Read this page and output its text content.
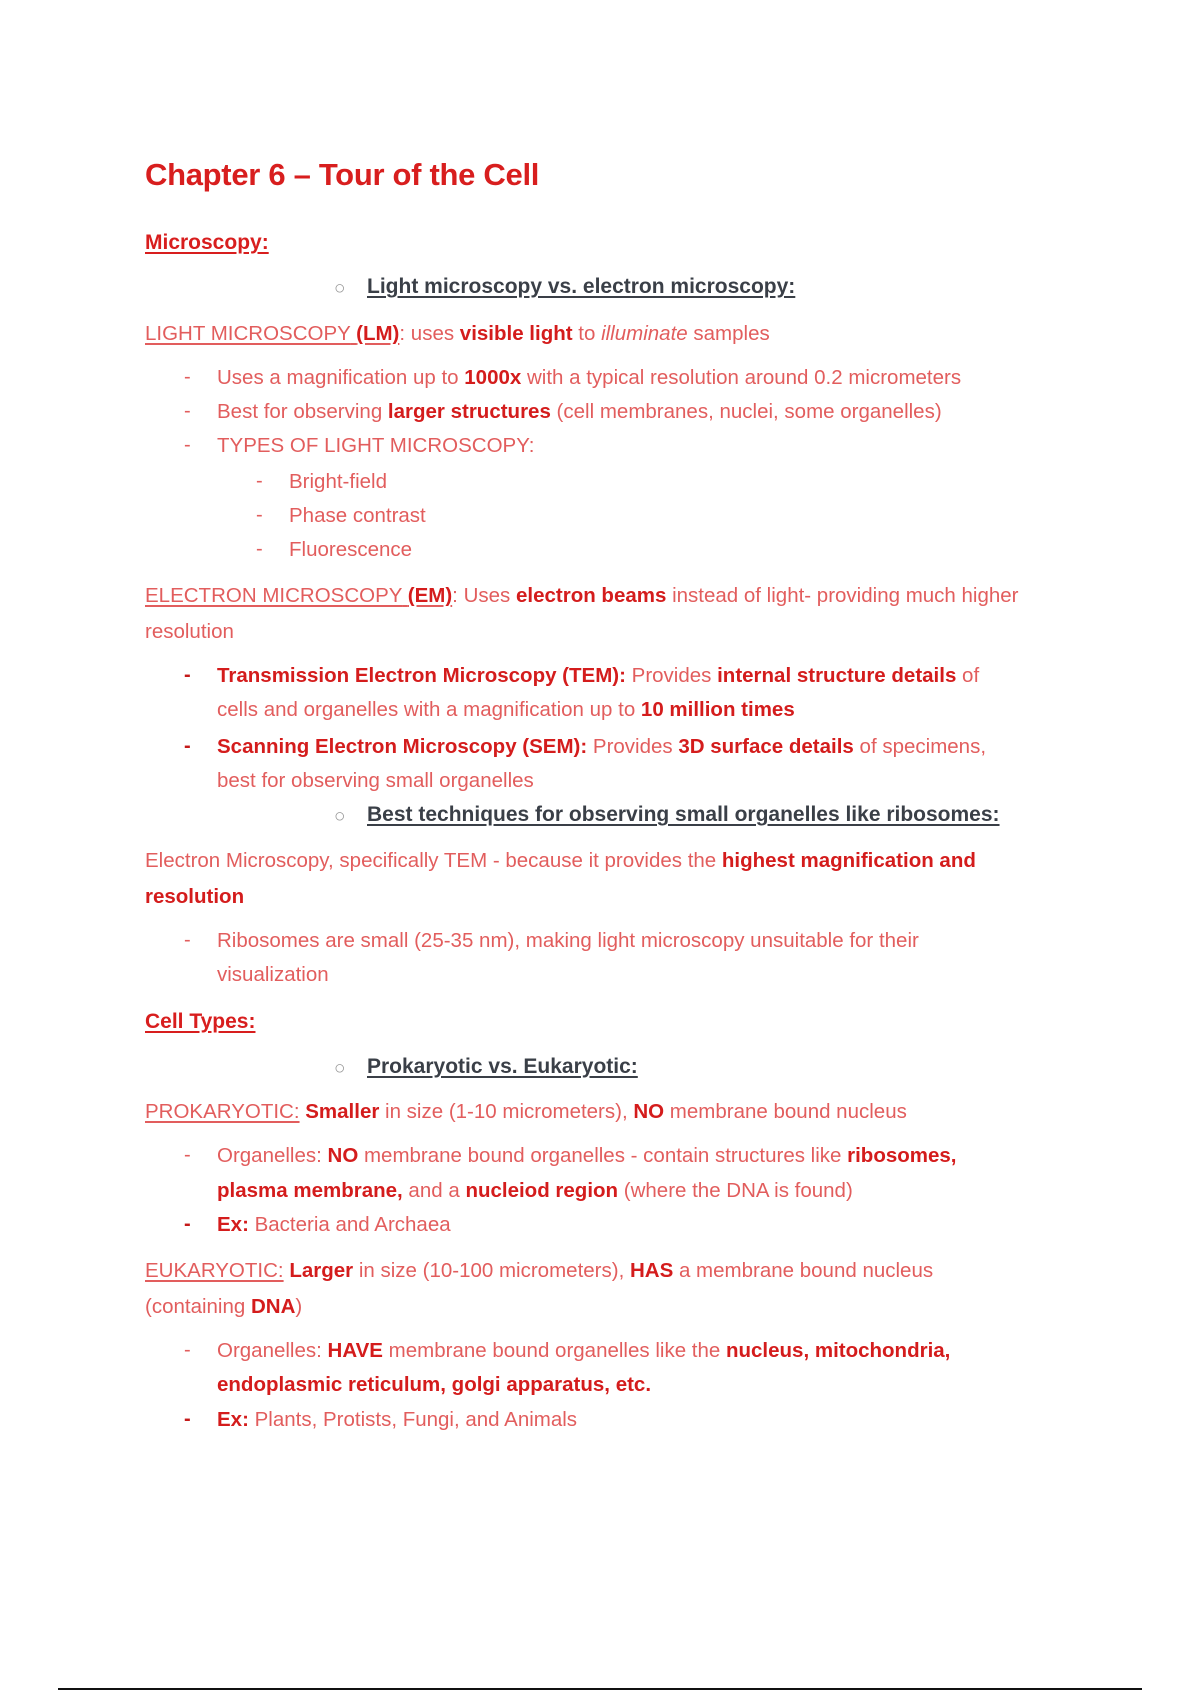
Chapter 6 – Tour of the Cell
Microscopy:
○ Light microscopy vs. electron microscopy:
LIGHT MICROSCOPY (LM): uses visible light to illuminate samples
- Uses a magnification up to 1000x with a typical resolution around 0.2 micrometers
- Best for observing larger structures (cell membranes, nuclei, some organelles)
- TYPES OF LIGHT MICROSCOPY:
- Bright-field
- Phase contrast
- Fluorescence
ELECTRON MICROSCOPY (EM): Uses electron beams instead of light- providing much higher
resolution
- Transmission Electron Microscopy (TEM): Provides internal structure details of
cells and organelles with a magnification up to 10 million times
- Scanning Electron Microscopy (SEM): Provides 3D surface details of specimens,
best for observing small organelles
○ Best techniques for observing small organelles like ribosomes:
Electron Microscopy, specifically TEM - because it provides the highest magnification and
resolution
- Ribosomes are small (25-35 nm), making light microscopy unsuitable for their
visualization
Cell Types:
○ Prokaryotic vs. Eukaryotic:
PROKARYOTIC: Smaller in size (1-10 micrometers), NO membrane bound nucleus
- Organelles: NO membrane bound organelles - contain structures like ribosomes,
plasma membrane, and a nucleiod region (where the DNA is found)
- Ex: Bacteria and Archaea
EUKARYOTIC: Larger in size (10-100 micrometers), HAS a membrane bound nucleus
(containing DNA)
- Organelles: HAVE membrane bound organelles like the nucleus, mitochondria,
endoplasmic reticulum, golgi apparatus, etc.
- Ex: Plants, Protists, Fungi, and Animals
